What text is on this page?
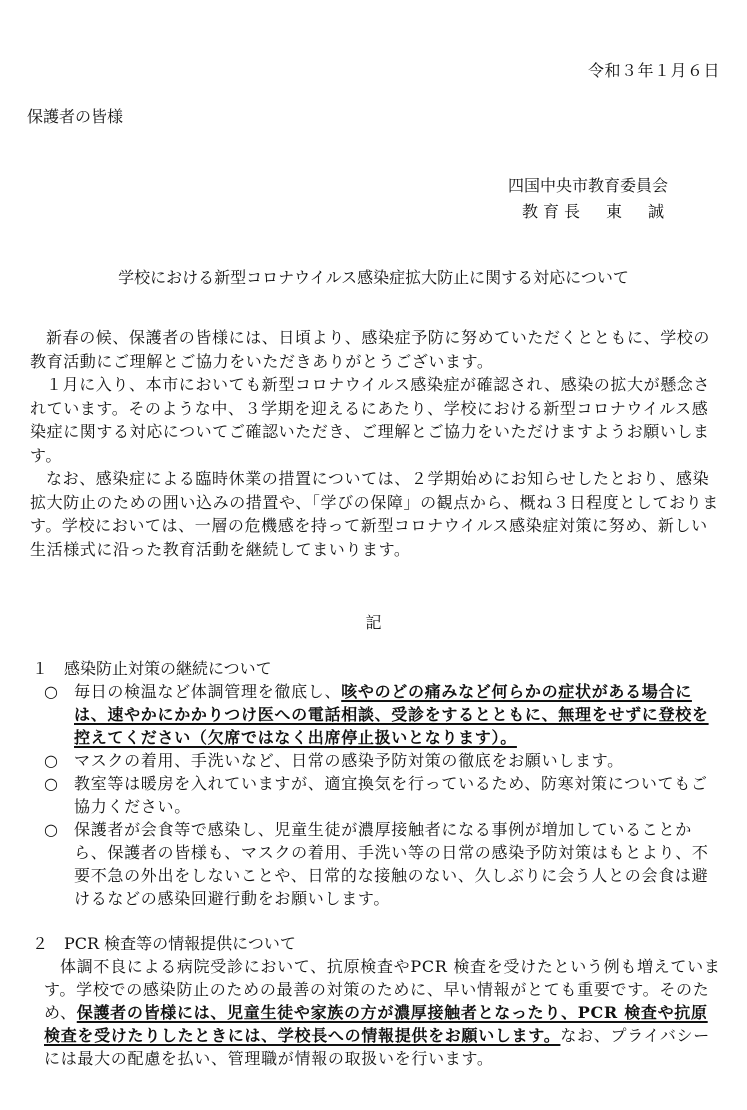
令和３年１月６日
保護者の皆様
四国中央市教育委員会
教育長　東　誠
学校における新型コロナウイルス感染症拡大防止に関する対応について

新春の候、保護者の皆様には、日頃より、感染症予防に努めていただくとともに、学校の教育活動にご理解とご協力をいただきありがとうございます。

１月に入り、本市においても新型コロナウイルス感染症が確認され、感染の拡大が懸念されています。そのような中、３学期を迎えるにあたり、学校における新型コロナウイルス感染症に関する対応についてご確認いただき、ご理解とご協力をいただけますようお願いします。

なお、感染症による臨時休業の措置については、２学期始めにお知らせしたとおり、感染拡大防止のための囲い込みの措置や、「学びの保障」の観点から、概ね３日程度としております。学校においては、一層の危機感を持って新型コロナウイルス感染症対策に努め、新しい生活様式に沿った教育活動を継続してまいります。

記
１ 感染防止対策の継続について
○	毎日の検温など体調管理を徹底し、咳やのどの痛みなど何らかの症状がある場合には、速やかにかかりつけ医への電話相談、受診をするとともに、無理をせずに登校を控えてください（欠席ではなく出席停止扱いとなります）。
○	マスクの着用、手洗いなど、日常の感染予防対策の徹底をお願いします。
○	教室等は暖房を入れていますが、適宜換気を行っているため、防寒対策についてもご協力ください。
○	保護者が会食等で感染し、児童生徒が濃厚接触者になる事例が増加していることから、保護者の皆様も、マスクの着用、手洗い等の日常の感染予防対策はもとより、不要不急の外出をしないことや、日常的な接触のない、久しぶりに会う人との会食は避けるなどの感染回避行動をお願いします。
２ PCR 検査等の情報提供について

体調不良による病院受診において、抗原検査やPCR 検査を受けたという例も増えています。学校での感染防止のための最善の対策のために、早い情報がとても重要です。そのため、保護者の皆様には、児童生徒や家族の方が濃厚接触者となったり、PCR 検査や抗原検査を受けたりしたときには、学校長への情報提供をお願いします。なお、プライバシーには最大の配慮を払い、管理職が情報の取扱いを行います。
